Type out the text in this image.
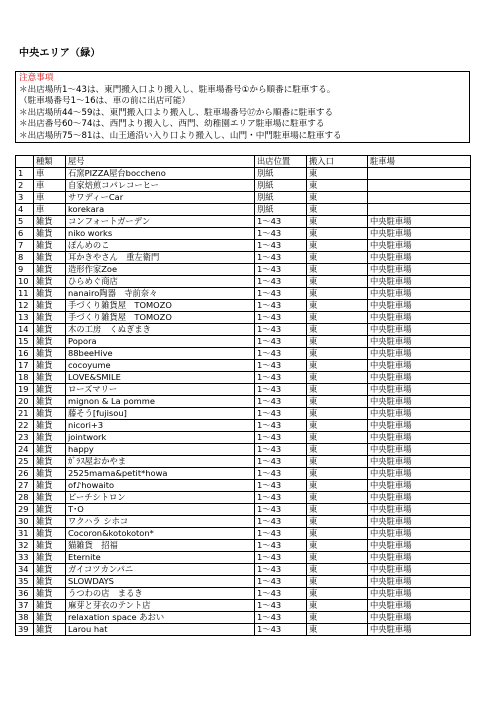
中央エリア（緑）
注意事項
＊出店場所1～43は、東門搬入口より搬入し、駐車場番号①から順番に駐車する。
（駐車場番号1～16は、車の前に出店可能）
＊出店場所44～59は、東門搬入口より搬入し、駐車場番号⑰から順番に駐車する
＊出店番号60～74は、西門より搬入し、西門、幼稚園エリア駐車場に駐車する
＊出店場所75～81は、山王通沿い入り口より搬入し、山門・中門駐車場に駐車する
	種類	屋号	出店位置	搬入口	駐車場
1	車	石窯PIZZA屋台boccheno	別紙	東	
2	車	自家焙煎コパレコーヒー	別紙	東	
3	車	サワディーCar	別紙	東	
4	車	korekara	別紙	東	
5	雑貨	コンフォートガーデン	1～43	東	中央駐車場
6	雑貨	niko works	1～43	東	中央駐車場
7	雑貨	ぽんめのこ	1～43	東	中央駐車場
8	雑貨	耳かきやさん　重左衛門	1～43	東	中央駐車場
9	雑貨	造形作家Zoe	1～43	東	中央駐車場
10	雑貨	ひらめぐ商店	1～43	東	中央駐車場
11	雑貨	nanairo陶器　寺前奈々	1～43	東	中央駐車場
12	雑貨	手づくり雑貨屋　TOMOZO	1～43	東	中央駐車場
13	雑貨	手づくり雑貨屋　TOMOZO	1～43	東	中央駐車場
14	雑貨	木の工房　くぬぎまき	1～43	東	中央駐車場
15	雑貨	Popora	1～43	東	中央駐車場
16	雑貨	88beeHive	1～43	東	中央駐車場
17	雑貨	cocoyume	1～43	東	中央駐車場
18	雑貨	LOVE&SMILE	1～43	東	中央駐車場
19	雑貨	ローズマリー	1～43	東	中央駐車場
20	雑貨	mignon & La pomme	1～43	東	中央駐車場
21	雑貨	藤そう[fujisou]	1～43	東	中央駐車場
22	雑貨	nicori+3	1～43	東	中央駐車場
23	雑貨	jointwork	1～43	東	中央駐車場
24	雑貨	happy	1～43	東	中央駐車場
25	雑貨	ｶﾞﾗｽ屋おかやま	1～43	東	中央駐車場
26	雑貨	2525mama&petit*howa	1～43	東	中央駐車場
27	雑貨	of♪howaito	1～43	東	中央駐車場
28	雑貨	ピーチシトロン	1～43	東	中央駐車場
29	雑貨	T･O	1～43	東	中央駐車場
30	雑貨	ワクハラ シホコ	1～43	東	中央駐車場
31	雑貨	Cocoron&kotokoton*	1～43	東	中央駐車場
32	雑貨	猫雑貨　招福	1～43	東	中央駐車場
33	雑貨	Eternite	1～43	東	中央駐車場
34	雑貨	ガイコツカンパニ	1～43	東	中央駐車場
35	雑貨	SLOWDAYS	1～43	東	中央駐車場
36	雑貨	うつわの店　まるき	1～43	東	中央駐車場
37	雑貨	麻芽と芽衣のテント店	1～43	東	中央駐車場
38	雑貨	relaxation space あおい	1～43	東	中央駐車場
39	雑貨	Larou hat	1～43	東	中央駐車場
